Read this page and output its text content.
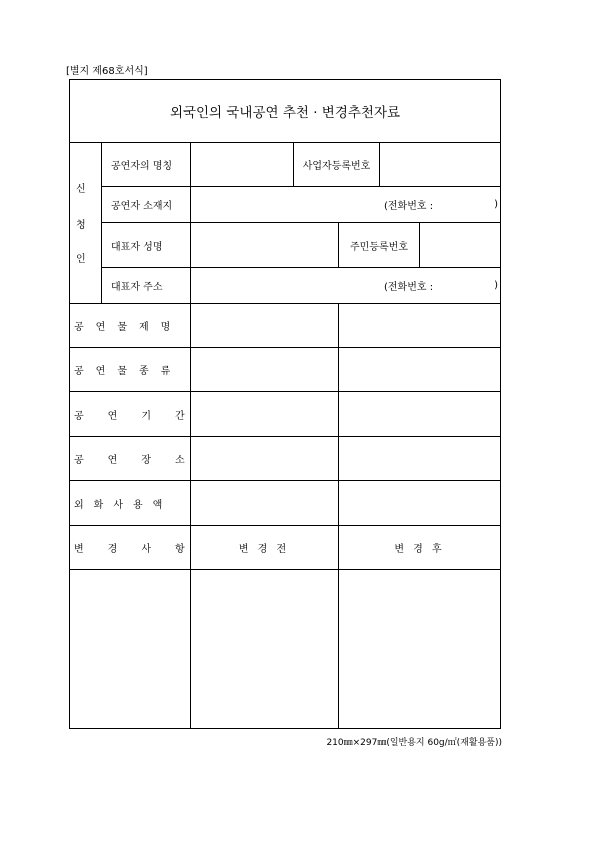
[별지 제68호서식]
외국인의 국내공연 추천 · 변경추천자료
신
청
인
공연자의 명칭	사업자등록번호
공연자 소재지	(전화번호 :	)
대표자 성명	주민등록번호
대표자 주소	(전화번호 :	)
공연물제명
공연물종류
공연기간
공연장소
외화사용액
변경사항	변 경 전	변 경 후
210㎜×297㎜(일반용지 60g/㎡(재활용품))
